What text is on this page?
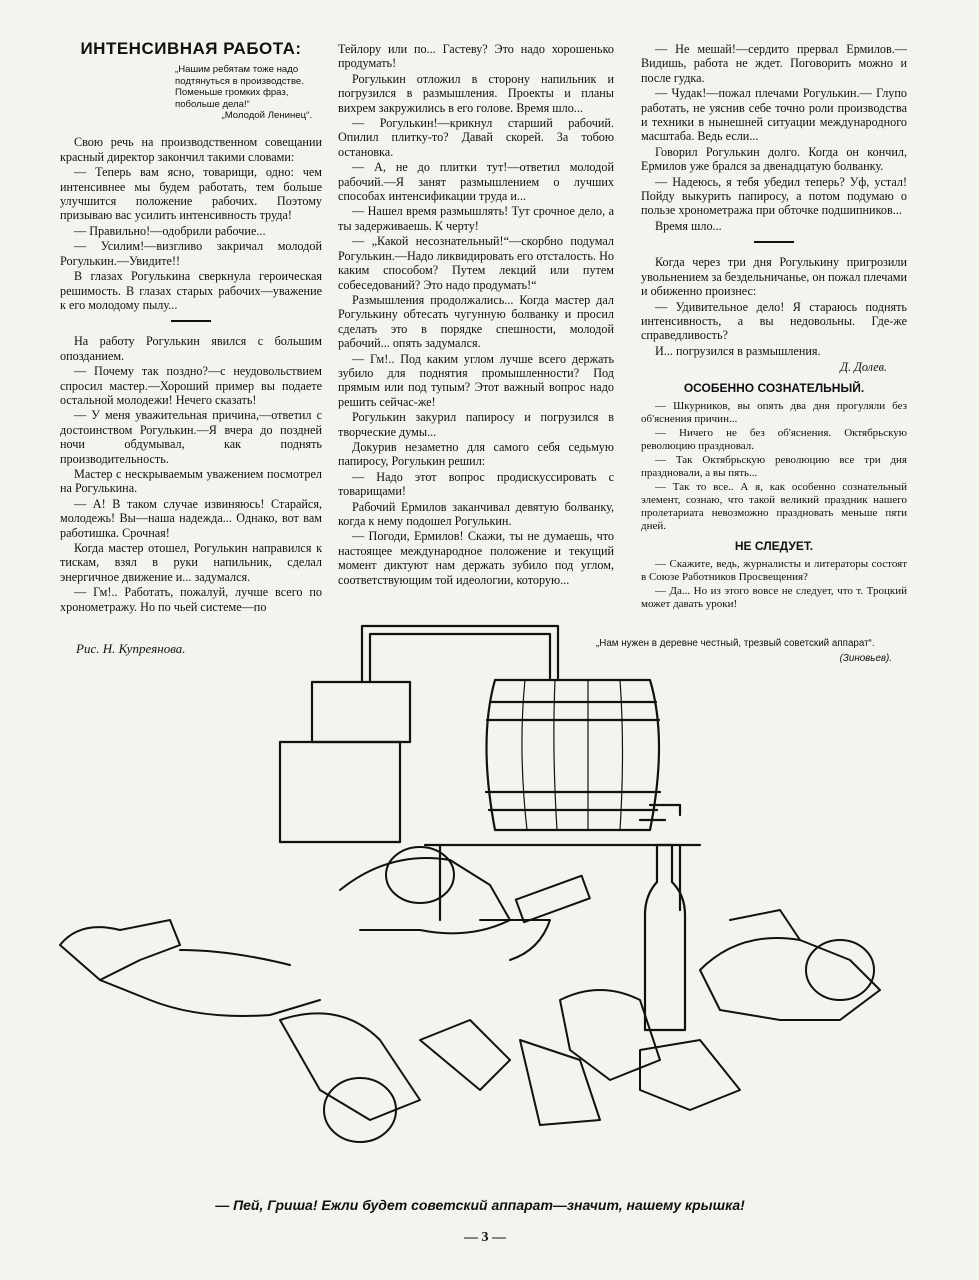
ИНТЕНСИВНАЯ РАБОТА:
„Нашим ребятам тоже надо подтянуться в производстве. Поменьше громких фраз, побольше дела!“
„Молодой Ленинец“.

Свою речь на производственном совещании красный директор закончил такими словами:

— Теперь вам ясно, товарищи, одно: чем интенсивнее мы будем работать, тем больше улучшится положение рабочих. Поэтому призываю вас усилить интенсивность труда!

— Правильно!—одобрили рабочие...

— Усилим!—визгливо закричал молодой Рогулькин.—Увидите!!

В глазах Рогулькина сверкнула героическая решимость. В глазах старых рабочих—уважение к его молодому пылу...

На работу Рогулькин явился с большим опозданием.

— Почему так поздно?—с неудовольствием спросил мастер.—Хороший пример вы подаете остальной молодежи! Нечего сказать!

— У меня уважительная причина,—ответил с достоинством Рогулькин.—Я вчера до поздней ночи обдумывал, как поднять производительность.

Мастер с нескрываемым уважением посмотрел на Рогулькина.

— А! В таком случае извиняюсь! Старайся, молодежь! Вы—наша надежда... Однако, вот вам работишка. Срочная!

Когда мастер отошел, Рогулькин направился к тискам, взял в руки напильник, сделал энергичное движение и... задумался.

— Гм!.. Работать, пожалуй, лучше всего по хронометражу. Но по чьей системе—по

Тейлору или по... Гастеву? Это надо хорошенько продумать!

Рогулькин отложил в сторону напильник и погрузился в размышления. Проекты и планы вихрем закружились в его голове. Время шло...

— Рогулькин!—крикнул старший рабочий. Опилил плитку-то? Давай скорей. За тобою остановка.

— А, не до плитки тут!—ответил молодой рабочий.—Я занят размышлением о лучших способах интенсификации труда и...

— Нашел время размышлять! Тут срочное дело, а ты задерживаешь. К черту!

— „Какой несознательный!“—скорбно подумал Рогулькин.—Надо ликвидировать его отсталость. Но каким способом? Путем лекций или путем собеседований? Это надо продумать!“

Размышления продолжались... Когда мастер дал Рогулькину обтесать чугунную болванку и просил сделать это в порядке спешности, молодой рабочий... опять задумался.

— Гм!.. Под каким углом лучше всего держать зубило для поднятия промышленности? Под прямым или под тупым? Этот важный вопрос надо решить сейчас-же!

Рогулькин закурил папиросу и погрузился в творческие думы...

Докурив незаметно для самого себя седьмую папиросу, Рогулькин решил:

— Надо этот вопрос продискуссировать с товарищами!

Рабочий Ермилов заканчивал девятую болванку, когда к нему подошел Рогулькин.

— Погоди, Ермилов! Скажи, ты не думаешь, что настоящее международное положение и текущий момент диктуют нам держать зубило под углом, соответствующим той идеологии, которую...

— Не мешай!—сердито прервал Ермилов.— Видишь, работа не ждет. Поговорить можно и после гудка.

— Чудак!—пожал плечами Рогулькин.— Глупо работать, не уяснив себе точно роли производства и техники в нынешней ситуации международного масштаба. Ведь если...

Говорил Рогулькин долго. Когда он кончил, Ермилов уже брался за двенадцатую болванку.

— Надеюсь, я тебя убедил теперь? Уф, устал! Пойду выкурить папиросу, а потом подумаю о пользе хронометража при обточке подшипников...

Время шло...

Когда через три дня Рогулькину пригрозили увольнением за бездельничанье, он пожал плечами и обиженно произнес:

— Удивительное дело! Я стараюсь поднять интенсивность, а вы недовольны. Где-же справедливость?

И... погрузился в размышления.

Д. Долев.
ОСОБЕННО СОЗНАТЕЛЬНЫЙ.

— Шкурников, вы опять два дня прогуляли без об'яснения причин...

— Ничего не без об'яснения. Октябрьскую революцию праздновал.

— Так Октябрьскую революцию все три дня праздновали, а вы пять...

— Так то все.. А я, как особенно сознательный элемент, сознаю, что такой великий праздник нашего пролетариата невозможно праздновать меньше пяти дней.

НЕ СЛЕДУЕТ.

— Скажите, ведь, журналисты и литераторы состоят в Союзе Работников Просвещения?

— Да... Но из этого вовсе не следует, что т. Троцкий может давать уроки!

Рис. Н. Купреянова.	„Нам нужен в деревне честный, трезвый советский аппарат“.
(Зиновьев).
— Пей, Гриша! Ежли будет советский аппарат—значит, нашему крышка!
— 3 —
